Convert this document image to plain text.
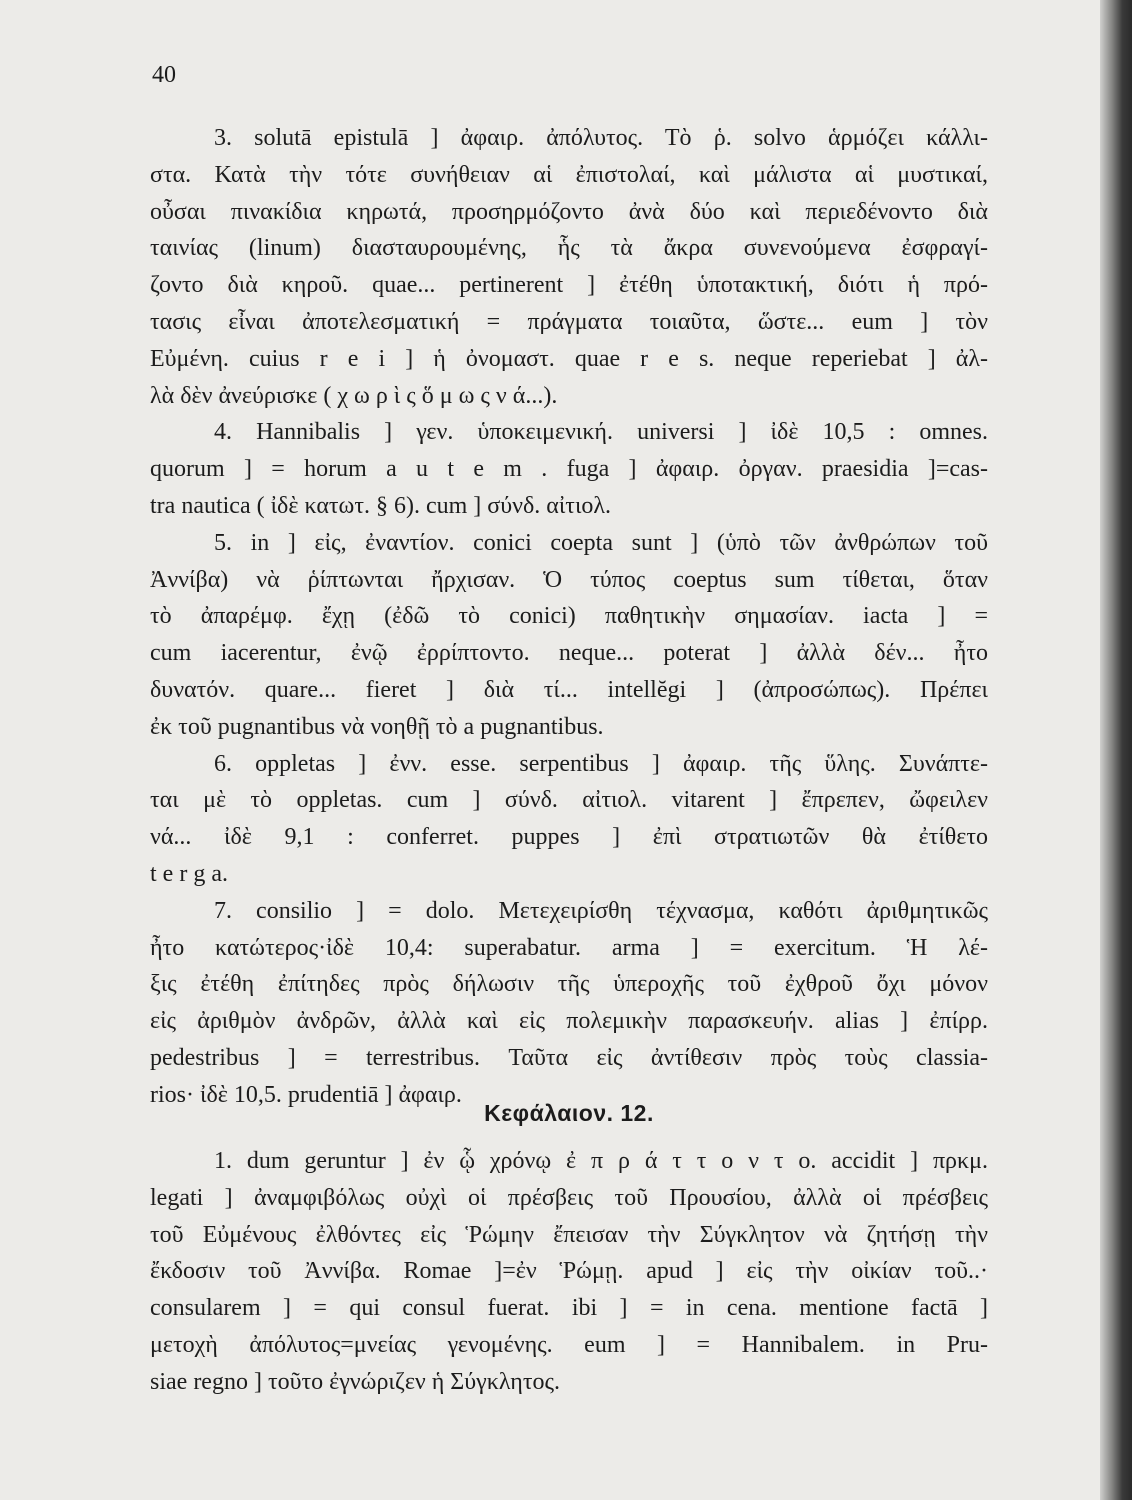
40
3. solutā epistulā ] ἀφαιρ. ἀπόλυτος. Τὸ ῥ. solvo ἁρμόζει κάλλι-
στα. Κατὰ τὴν τότε συνήθειαν αἱ ἐπιστολαί, καὶ μάλιστα αἱ μυστικαί,
οὖσαι πινακίδια κηρωτά, προσηρμόζοντο ἀνὰ δύο καὶ περιεδένοντο διὰ
ταινίας (linum) διασταυρουμένης, ἧς τὰ ἄκρα συνενούμενα ἐσφραγί-
ζοντο διὰ κηροῦ. quae... pertinerent ] ἐτέθη ὑποτακτική, διότι ἡ πρό-
τασις εἶναι ἀποτελεσματική = πράγματα τοιαῦτα, ὥστε... eum ] τὸν
Εὐμένη. cuius r e i ] ἡ ὀνομαστ. quae r e s. neque reperiebat ] ἀλ-
λὰ δὲν ἀνεύρισκε ( χ ω ρ ὶ ς ὅ μ ω ς ν ά...).
4. Hannibalis ] γεν. ὑποκειμενική. universi ] ἰδὲ 10,5 : omnes.
quorum ] = horum a u t e m . fuga ] ἀφαιρ. ὀργαν. praesidia ]=cas-
tra nautica ( ἰδὲ κατωτ. § 6). cum ] σύνδ. αἰτιολ.
5. in ] εἰς, ἐναντίον. conici coepta sunt ] (ὑπὸ τῶν ἀνθρώπων τοῦ
Ἀννίβα) νὰ ῥίπτωνται ἤρχισαν. Ὁ τύπος coeptus sum τίθεται, ὅταν
τὸ ἀπαρέμφ. ἔχῃ (ἐδῶ τὸ conici) παθητικὴν σημασίαν. iacta ] =
cum iacerentur, ἐνῷ ἐρρίπτοντο. neque... poterat ] ἀλλὰ δέν... ἦτο
δυνατόν. quare... fieret ] διὰ τί... intellĕgi ] (ἀπροσώπως). Πρέπει
ἐκ τοῦ pugnantibus νὰ νοηθῇ τὸ a pugnantibus.
6. oppletas ] ἐνν. esse. serpentibus ] ἀφαιρ. τῆς ὕλης. Συνάπτε-
ται μὲ τὸ oppletas. cum ] σύνδ. αἰτιολ. vitarent ] ἔπρεπεν, ὤφειλεν
νά... ἰδὲ 9,1 : conferret. puppes ] ἐπὶ στρατιωτῶν θὰ ἐτίθετο
t e r g a.
7. consilio ] = dolo. Μετεχειρίσθη τέχνασμα, καθότι ἀριθμητικῶς
ἦτο κατώτερος·ἰδὲ 10,4: superabatur. arma ] = exercitum. Ἡ λέ-
ξις ἐτέθη ἐπίτηδες πρὸς δήλωσιν τῆς ὑπεροχῆς τοῦ ἐχθροῦ ὄχι μόνον
εἰς ἀριθμὸν ἀνδρῶν, ἀλλὰ καὶ εἰς πολεμικὴν παρασκευήν. alias ] ἐπίρρ.
pedestribus ] = terrestribus. Ταῦτα εἰς ἀντίθεσιν πρὸς τοὺς classia-
rios· ἰδὲ 10,5. prudentiā ] ἀφαιρ.
Κεφάλαιον. 12.
1. dum geruntur ] ἐν ᾧ χρόνῳ ἐ π ρ ά τ τ ο ν τ ο. accidit ] πρκμ.
legati ] ἀναμφιβόλως οὐχὶ οἱ πρέσβεις τοῦ Προυσίου, ἀλλὰ οἱ πρέσβεις
τοῦ Εὐμένους ἐλθόντες εἰς Ῥώμην ἔπεισαν τὴν Σύγκλητον νὰ ζητήσῃ τὴν
ἔκδοσιν τοῦ Ἀννίβα. Romae ]=ἐν Ῥώμῃ. apud ] εἰς τὴν οἰκίαν τοῦ..·
consularem ] = qui consul fuerat. ibi ] = in cena. mentione factā ]
μετοχὴ ἀπόλυτος=μνείας γενομένης. eum ] = Hannibalem. in Pru-
siae regno ] τοῦτο ἐγνώριζεν ἡ Σύγκλητος.
